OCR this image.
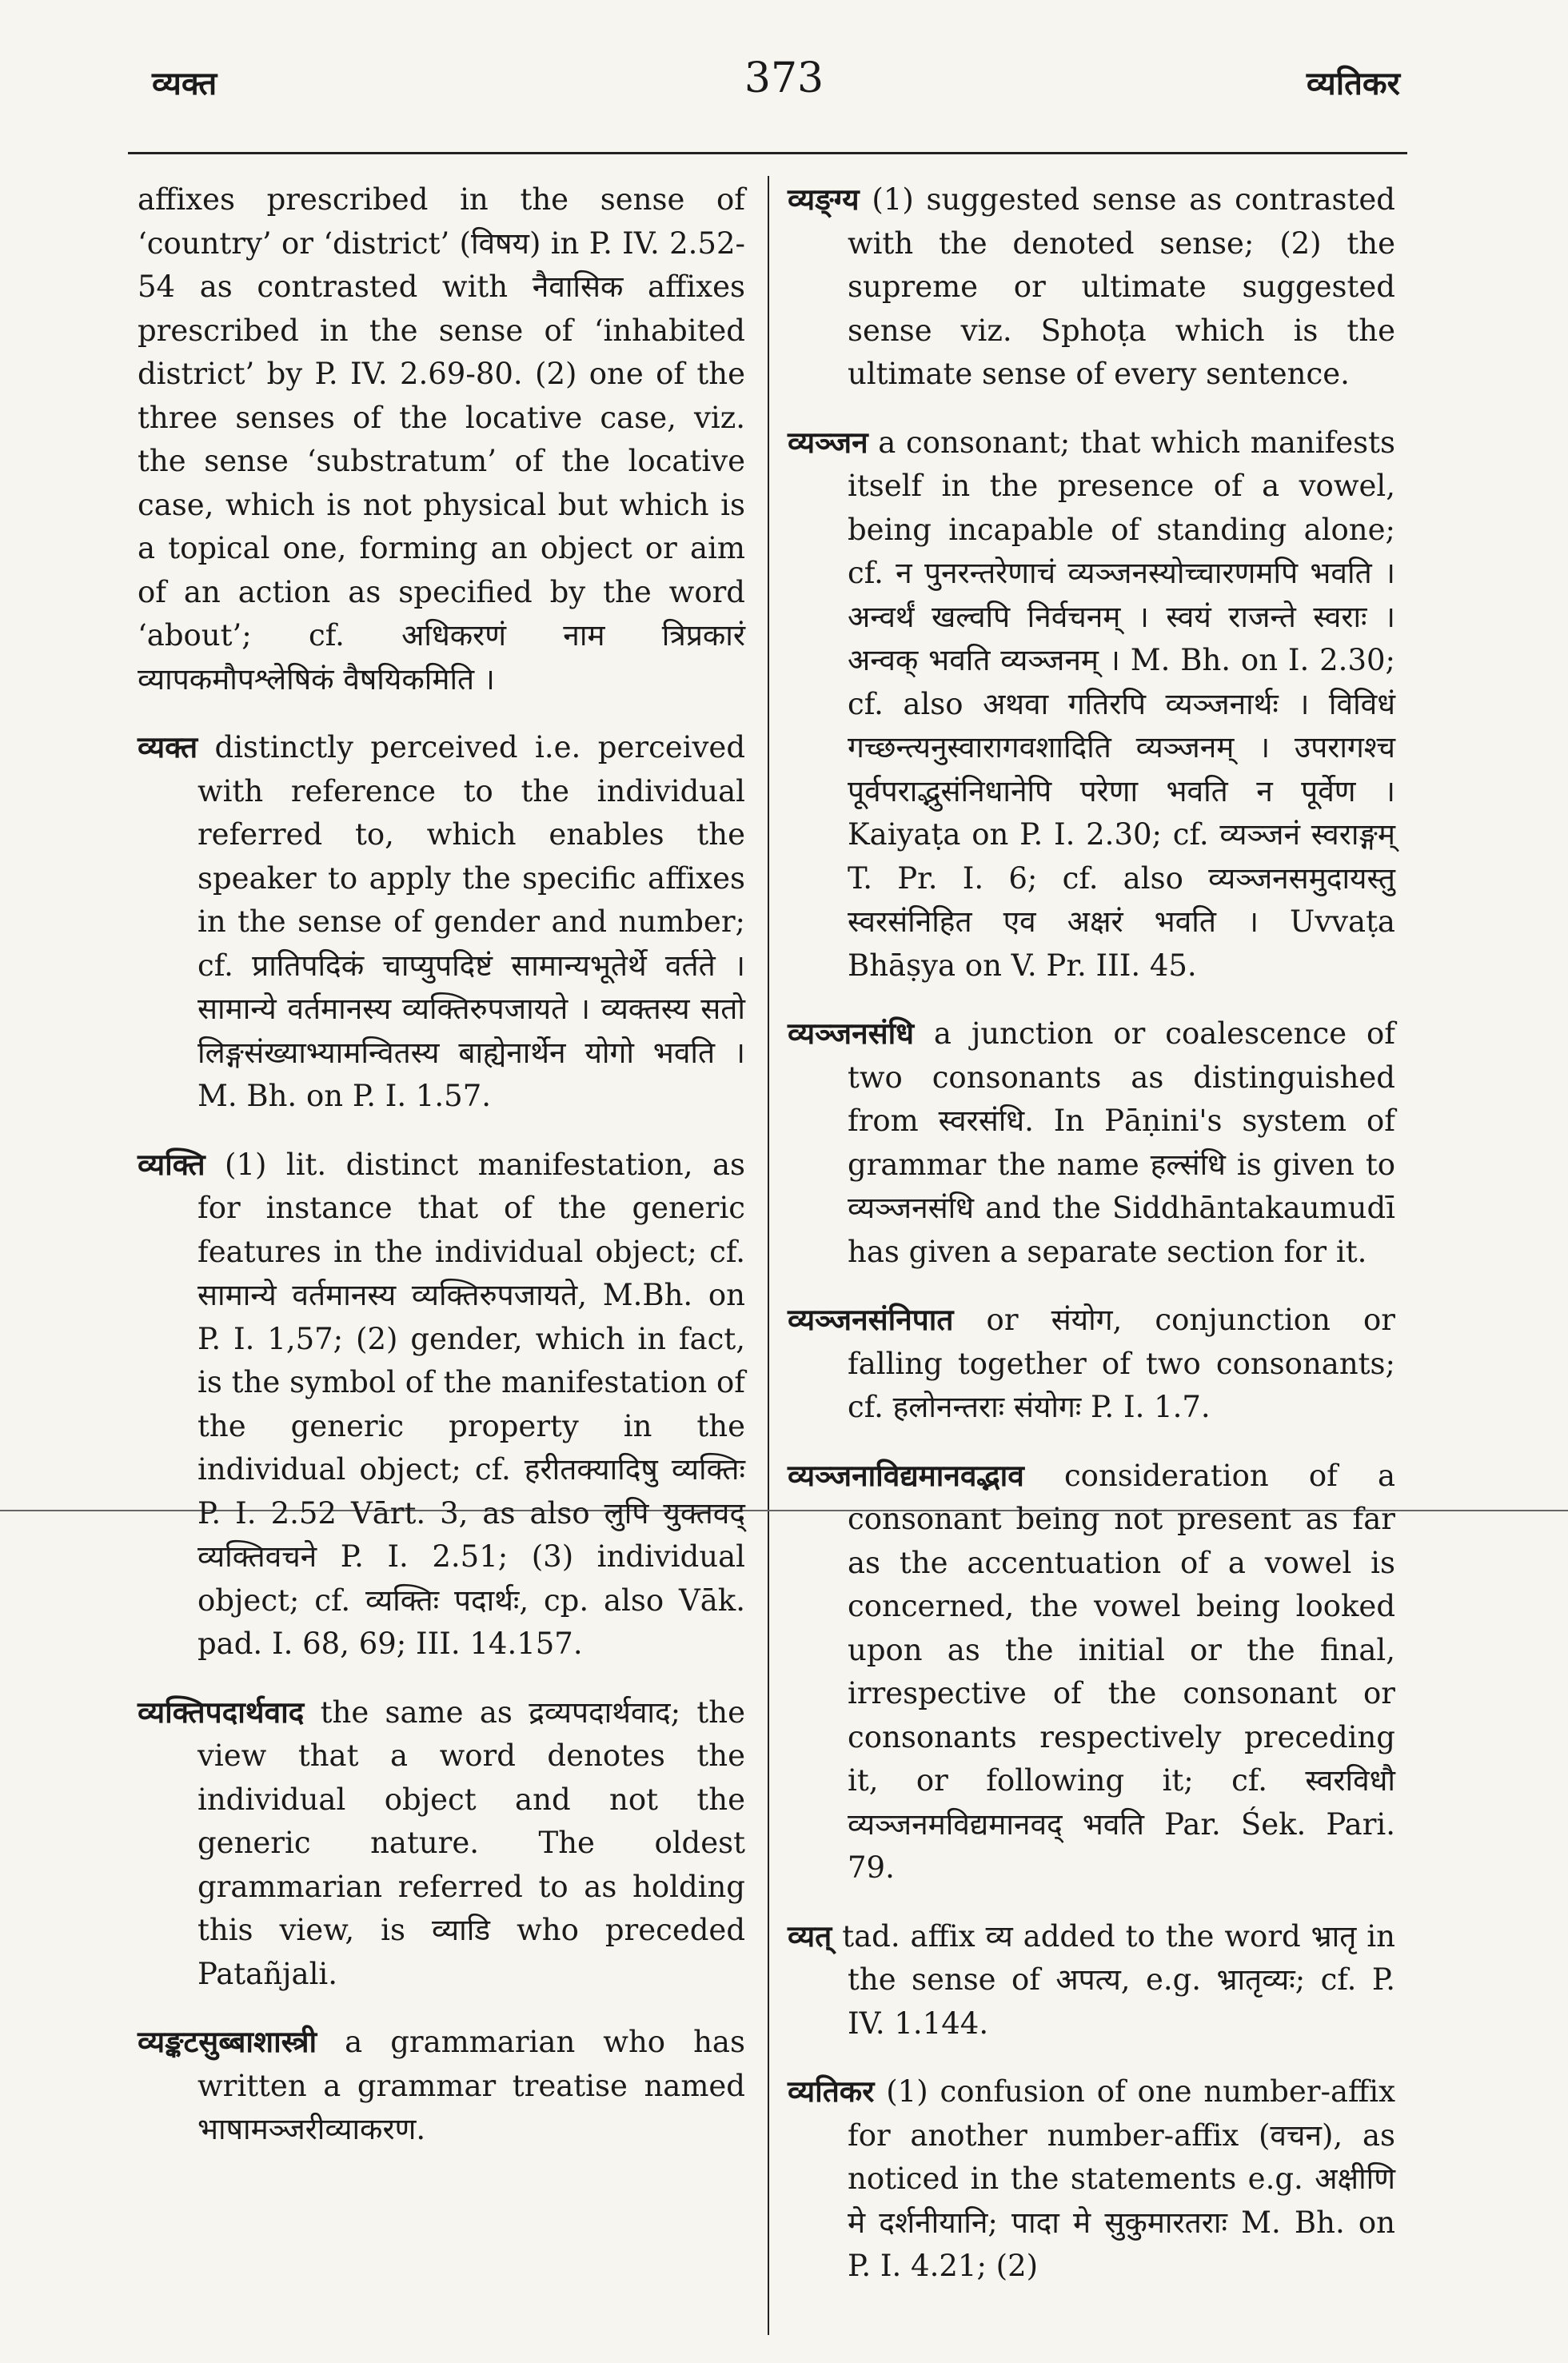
व्यक्त	373	व्यतिकर

affixes prescribed in the sense of ‘country’ or ‘district’ (विषय) in P. IV. 2.52-54 as contrasted with नैवासिक affixes prescribed in the sense of ‘inhabited district’ by P. IV. 2.69-80. (2) one of the three senses of the locative case, viz. the sense ‘substratum’ of the locative case, which is not physical but which is a topical one, forming an object or aim of an action as specified by the word ‘about’; cf. अधिकरणं नाम त्रिप्रकारं व्यापकमौपश्लेषिकं वैषयिकमिति ।

व्यक्त distinctly perceived i.e. perceived with reference to the individual referred to, which enables the speaker to apply the specific affixes in the sense of gender and number; cf. प्रातिपदिकं चाप्युपदिष्टं सामान्यभूतेर्थे वर्तते । सामान्ये वर्तमानस्य व्यक्तिरुपजायते । व्यक्तस्य सतो लिङ्गसंख्याभ्यामन्वितस्य बाह्येनार्थेन योगो भवति । M. Bh. on P. I. 1.57.

व्यक्ति (1) lit. distinct manifestation, as for instance that of the generic features in the individual object; cf. सामान्ये वर्तमानस्य व्यक्तिरुपजायते, M.Bh. on P. I. 1,57; (2) gender, which in fact, is the symbol of the manifestation of the generic property in the individual object; cf. हरीतक्यादिषु व्यक्तिः P. I. 2.52 Vārt. 3, as also लुपि युक्तवद् व्यक्तिवचने P. I. 2.51; (3) individual object; cf. व्यक्तिः पदार्थः, cp. also Vāk. pad. I. 68, 69; III. 14.157.

व्यक्तिपदार्थवाद the same as द्रव्यपदार्थवाद; the view that a word denotes the individual object and not the generic nature. The oldest grammarian referred to as holding this view, is व्याडि who preceded Patañjali.

व्यङ्कटसुब्बाशास्त्री a grammarian who has written a grammar treatise named भाषामञ्जरीव्याकरण.

व्यङ्ग्य (1) suggested sense as contrasted with the denoted sense; (2) the supreme or ultimate suggested sense viz. Sphoṭa which is the ultimate sense of every sentence.

व्यञ्जन a consonant; that which manifests itself in the presence of a vowel, being incapable of standing alone; cf. न पुनरन्तरेणाचं व्यञ्जनस्योच्चारणमपि भवति । अन्वर्थं खल्वपि निर्वचनम् । स्वयं राजन्ते स्वराः । अन्वक् भवति व्यञ्जनम् । M. Bh. on I. 2.30; cf. also अथवा गतिरपि व्यञ्जनार्थः । विविधं गच्छन्त्यनुस्वारागवशादिति व्यञ्जनम् । उपरागश्च पूर्वपराद्भुसंनिधानेपि परेणा भवति न पूर्वेण । Kaiyaṭa on P. I. 2.30; cf. व्यञ्जनं स्वराङ्गम् T. Pr. I. 6; cf. also व्यञ्जनसमुदायस्तु स्वरसंनिहित एव अक्षरं भवति । Uvvaṭa Bhāṣya on V. Pr. III. 45.

व्यञ्जनसंधि a junction or coalescence of two consonants as distinguished from स्वरसंधि. In Pāṇini's system of grammar the name हल्संधि is given to व्यञ्जनसंधि and the Siddhāntakaumudī has given a separate section for it.

व्यञ्जनसंनिपात or संयोग, conjunction or falling together of two consonants; cf. हलोनन्तराः संयोगः P. I. 1.7.

व्यञ्जनाविद्यमानवद्भाव consideration of a consonant being not present as far as the accentuation of a vowel is concerned, the vowel being looked upon as the initial or the final, irrespective of the consonant or consonants respectively preceding it, or following it; cf. स्वरविधौ व्यञ्जनमविद्यमानवद् भवति Par. Śek. Pari. 79.

व्यत् tad. affix व्य added to the word भ्रातृ in the sense of अपत्य, e.g. भ्रातृव्यः; cf. P. IV. 1.144.

व्यतिकर (1) confusion of one number-affix for another number-affix (वचन), as noticed in the statements e.g. अक्षीणि मे दर्शनीयानि; पादा मे सुकुमारतराः M. Bh. on P. I. 4.21; (2)
